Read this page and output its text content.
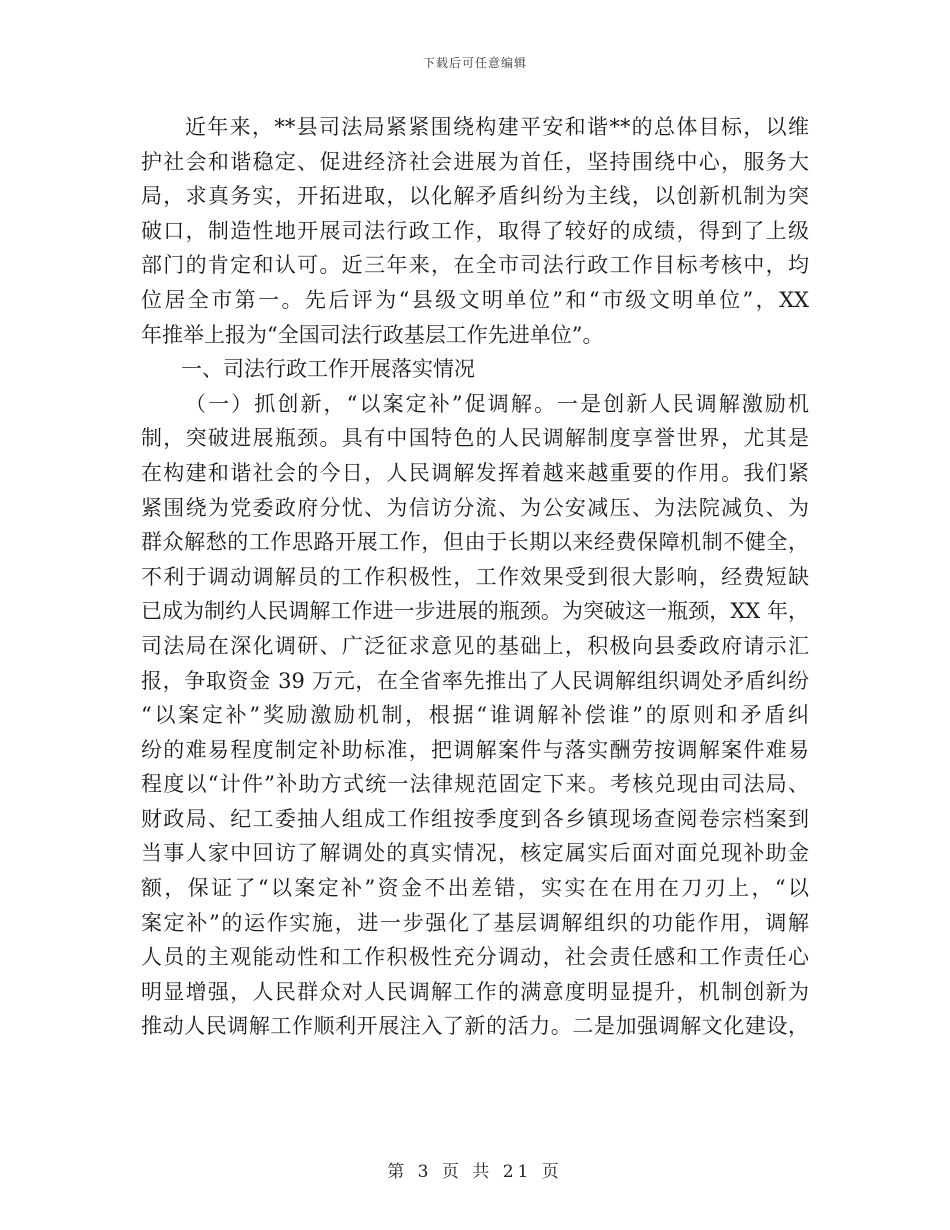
下载后可任意编辑
近年来，**县司法局紧紧围绕构建平安和谐**的总体目标，以维
护社会和谐稳定、促进经济社会进展为首任，坚持围绕中心，服务大
局，求真务实，开拓进取，以化解矛盾纠纷为主线，以创新机制为突
破口，制造性地开展司法行政工作，取得了较好的成绩，得到了上级
部门的肯定和认可。近三年来，在全市司法行政工作目标考核中，均
位居全市第一。先后评为“县级文明单位”和“市级文明单位”，XX
年推举上报为“全国司法行政基层工作先进单位”。
一、司法行政工作开展落实情况
（一）抓创新，“以案定补”促调解。一是创新人民调解激励机
制，突破进展瓶颈。具有中国特色的人民调解制度享誉世界，尤其是
在构建和谐社会的今日，人民调解发挥着越来越重要的作用。我们紧
紧围绕为党委政府分忧、为信访分流、为公安减压、为法院减负、为
群众解愁的工作思路开展工作，但由于长期以来经费保障机制不健全，
不利于调动调解员的工作积极性，工作效果受到很大影响，经费短缺
已成为制约人民调解工作进一步进展的瓶颈。为突破这一瓶颈，XX 年，
司法局在深化调研、广泛征求意见的基础上，积极向县委政府请示汇
报，争取资金 39 万元，在全省率先推出了人民调解组织调处矛盾纠纷
“以案定补”奖励激励机制，根据“谁调解补偿谁”的原则和矛盾纠
纷的难易程度制定补助标准，把调解案件与落实酬劳按调解案件难易
程度以“计件”补助方式统一法律规范固定下来。考核兑现由司法局、
财政局、纪工委抽人组成工作组按季度到各乡镇现场查阅卷宗档案到
当事人家中回访了解调处的真实情况，核定属实后面对面兑现补助金
额，保证了“以案定补”资金不出差错，实实在在用在刀刃上，“以
案定补”的运作实施，进一步强化了基层调解组织的功能作用，调解
人员的主观能动性和工作积极性充分调动，社会责任感和工作责任心
明显增强，人民群众对人民调解工作的满意度明显提升，机制创新为
推动人民调解工作顺利开展注入了新的活力。二是加强调解文化建设，
第 3 页 共 21 页
